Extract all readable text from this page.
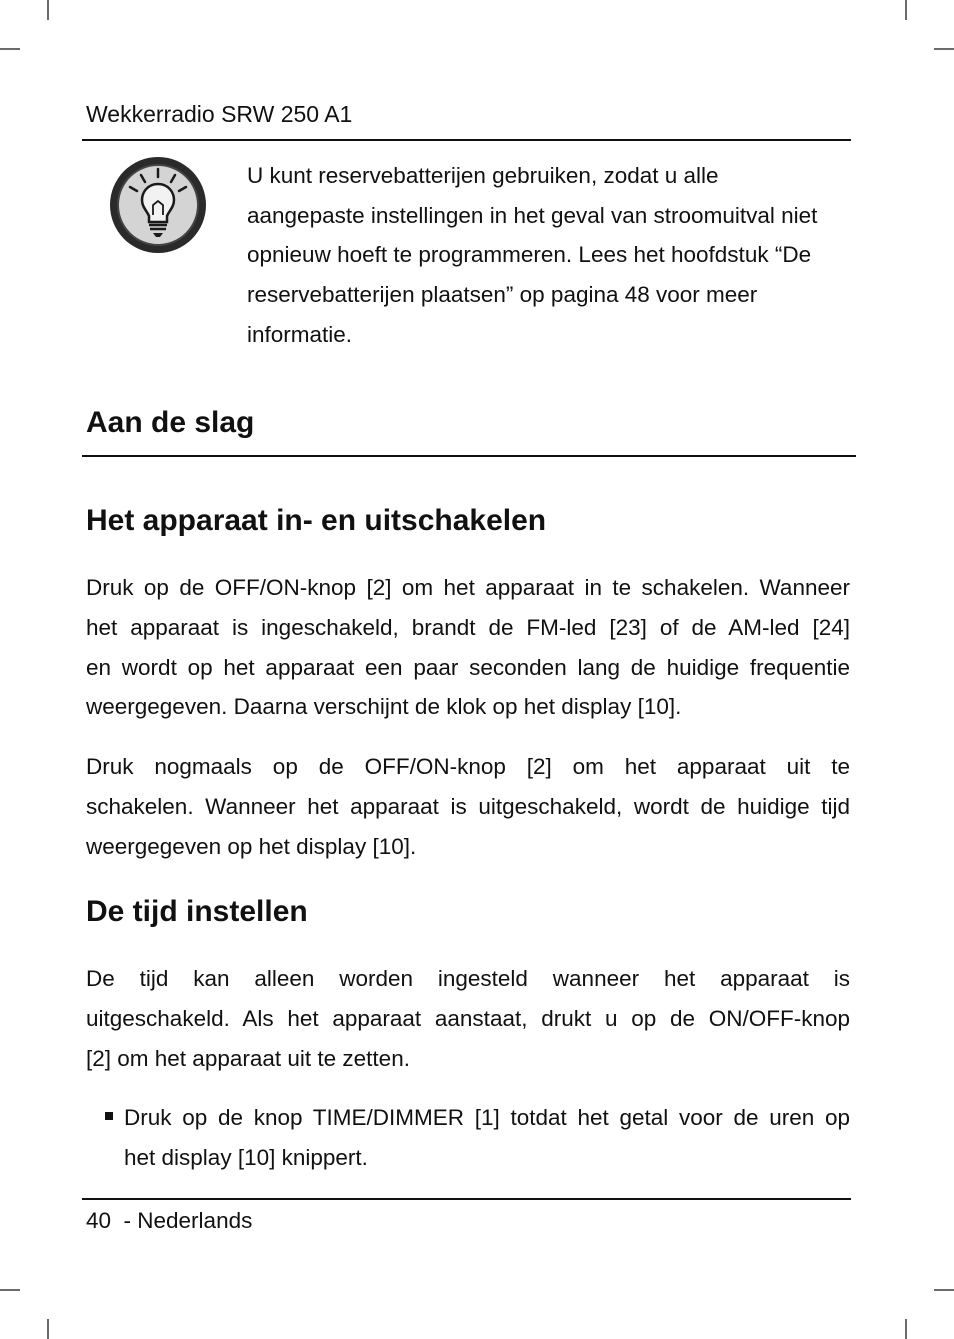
Wekkerradio SRW 250 A1
U kunt reservebatterijen gebruiken, zodat u alle
aangepaste instellingen in het geval van stroomuitval niet
opnieuw hoeft te programmeren. Lees het hoofdstuk “De
reservebatterijen plaatsen” op pagina 48 voor meer
informatie.
Aan de slag
Het apparaat in- en uitschakelen
Druk op de OFF/ON-knop [2] om het apparaat in te schakelen. Wanneer
het apparaat is ingeschakeld, brandt de FM-led [23] of de AM-led [24]
en wordt op het apparaat een paar seconden lang de huidige frequentie
weergegeven. Daarna verschijnt de klok op het display [10].
Druk nogmaals op de OFF/ON-knop [2] om het apparaat uit te
schakelen. Wanneer het apparaat is uitgeschakeld, wordt de huidige tijd
weergegeven op het display [10].
De tijd instellen
De tijd kan alleen worden ingesteld wanneer het apparaat is
uitgeschakeld. Als het apparaat aanstaat, drukt u op de ON/OFF-knop
[2] om het apparaat uit te zetten.
Druk op de knop TIME/DIMMER [1] totdat het getal voor de uren op
het display [10] knippert.
40  - Nederlands
